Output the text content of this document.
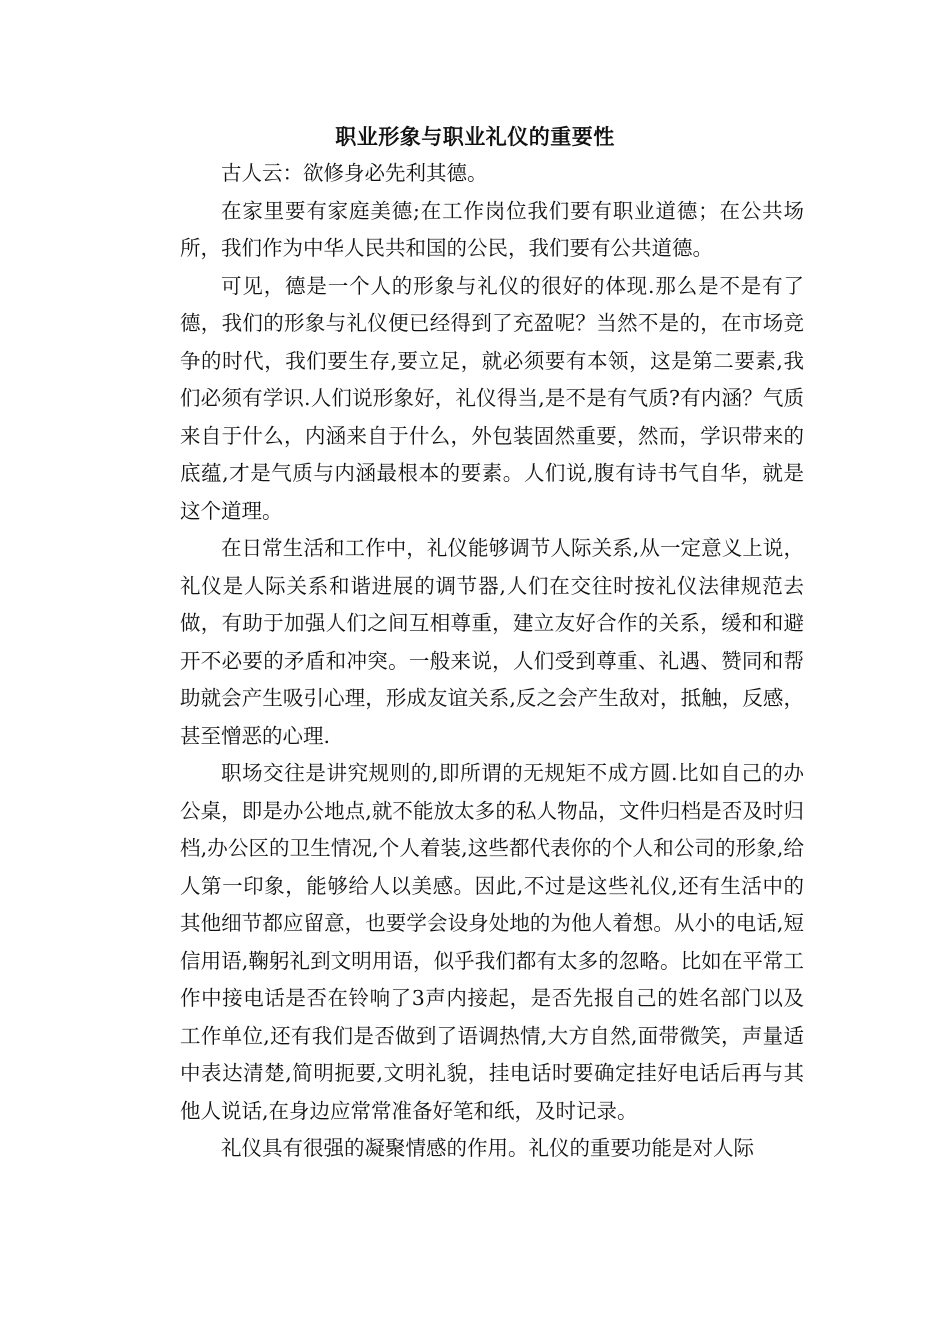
职业形象与职业礼仪的重要性

古人云：欲修身必先利其德。

在家里要有家庭美德;在工作岗位我们要有职业道德；在公共场所，我们作为中华人民共和国的公民，我们要有公共道德。

可见，德是一个人的形象与礼仪的很好的体现.那么是不是有了德，我们的形象与礼仪便已经得到了充盈呢？当然不是的，在市场竞争的时代，我们要生存,要立足，就必须要有本领，这是第二要素,我们必须有学识.人们说形象好，礼仪得当,是不是有气质?有内涵？气质来自于什么，内涵来自于什么，外包装固然重要，然而，学识带来的底蕴,才是气质与内涵最根本的要素。人们说,腹有诗书气自华，就是这个道理。

在日常生活和工作中，礼仪能够调节人际关系,从一定意义上说，礼仪是人际关系和谐进展的调节器,人们在交往时按礼仪法律规范去做，有助于加强人们之间互相尊重，建立友好合作的关系，缓和和避开不必要的矛盾和冲突。一般来说，人们受到尊重、礼遇、赞同和帮助就会产生吸引心理，形成友谊关系,反之会产生敌对，抵触，反感，甚至憎恶的心理.

职场交往是讲究规则的,即所谓的无规矩不成方圆.比如自己的办公桌，即是办公地点,就不能放太多的私人物品，文件归档是否及时归档,办公区的卫生情况,个人着装,这些都代表你的个人和公司的形象,给人第一印象，能够给人以美感。因此,不过是这些礼仪,还有生活中的其他细节都应留意，也要学会设身处地的为他人着想。从小的电话,短信用语,鞠躬礼到文明用语，似乎我们都有太多的忽略。比如在平常工作中接电话是否在铃响了3声内接起，是否先报自己的姓名部门以及工作单位,还有我们是否做到了语调热情,大方自然,面带微笑，声量适中表达清楚,简明扼要,文明礼貌，挂电话时要确定挂好电话后再与其他人说话,在身边应常常准备好笔和纸，及时记录。

礼仪具有很强的凝聚情感的作用。礼仪的重要功能是对人际
